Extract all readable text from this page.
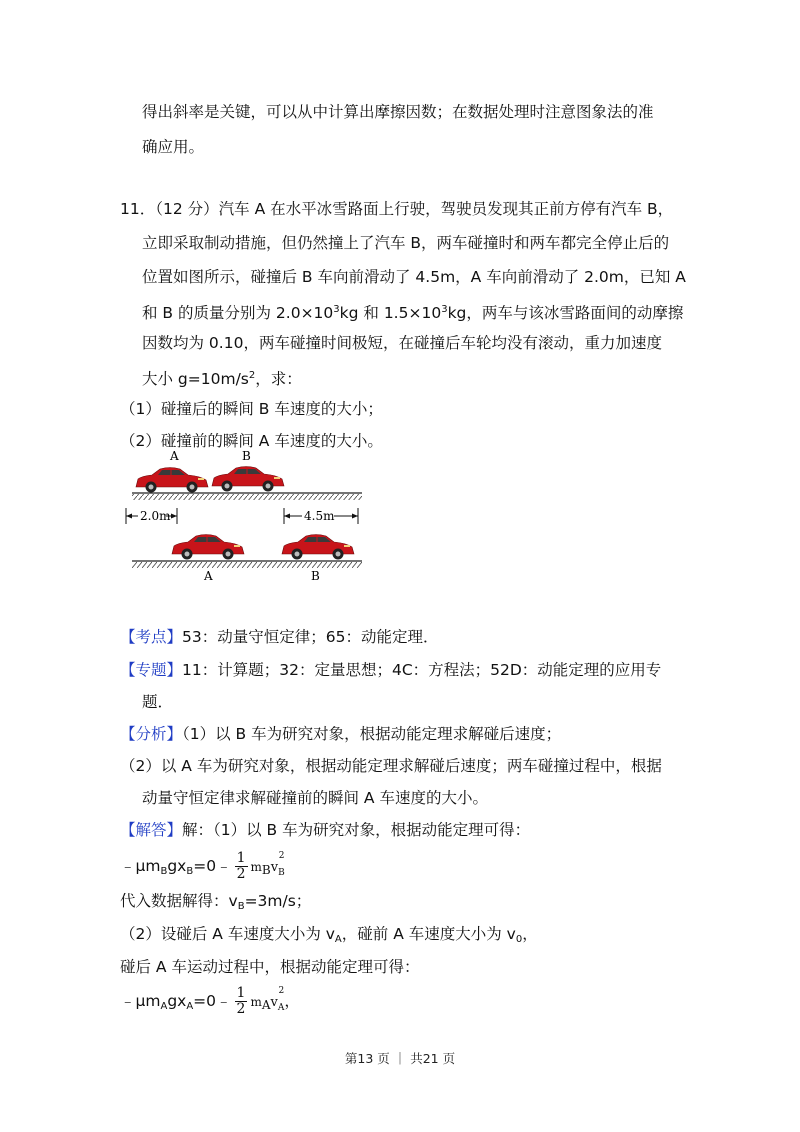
得出斜率是关键，可以从中计算出摩擦因数；在数据处理时注意图象法的准
确应用。
11．（12 分）汽车 A 在水平冰雪路面上行驶，驾驶员发现其正前方停有汽车 B，
立即采取制动措施，但仍然撞上了汽车 B，两车碰撞时和两车都完全停止后的
位置如图所示，碰撞后 B 车向前滑动了 4.5m，A 车向前滑动了 2.0m，已知 A
和 B 的质量分别为 $2.0\times 10^3kg$ 和 $1.5\times 10^3kg$，两车与该冰雪路面间的动摩擦
因数均为 0.10，两车碰撞时间极短，在碰撞后车轮均没有滚动，重力加速度
大小 $g=10m/s^2$，求：
（1）碰撞后的瞬间 B 车速度的大小；
（2）碰撞前的瞬间 A 车速度的大小。
A	B
2.0m	4.5m
A	B
【考点】53：动量守恒定律；65：动能定理．
【专题】11：计算题；32：定量思想；4C：方程法；52D：动能定理的应用专
题．
【分析】（1）以 B 车为研究对象，根据动能定理求解碰后速度；
（2）以 A 车为研究对象，根据动能定理求解碰后速度；两车碰撞过程中，根据
动量守恒定律求解碰撞前的瞬间 A 车速度的大小。
【解答】解：（1）以 B 车为研究对象，根据动能定理可得：
$﹣\mu m_Bgx_B=0﹣ \frac{1}{2} m_Bv$
2
$_B$
代入数据解得：$v_B=3m/s$；
（2）设碰后 A 车速度大小为 $v_A$，碰前 A 车速度大小为 $v_0$，
碰后 A 车运动过程中，根据动能定理可得：
$﹣\mu m_Agx_A=0﹣ \frac{1}{2} m_Av$
2
$_A$，
第13 页 ｜ 共21 页
